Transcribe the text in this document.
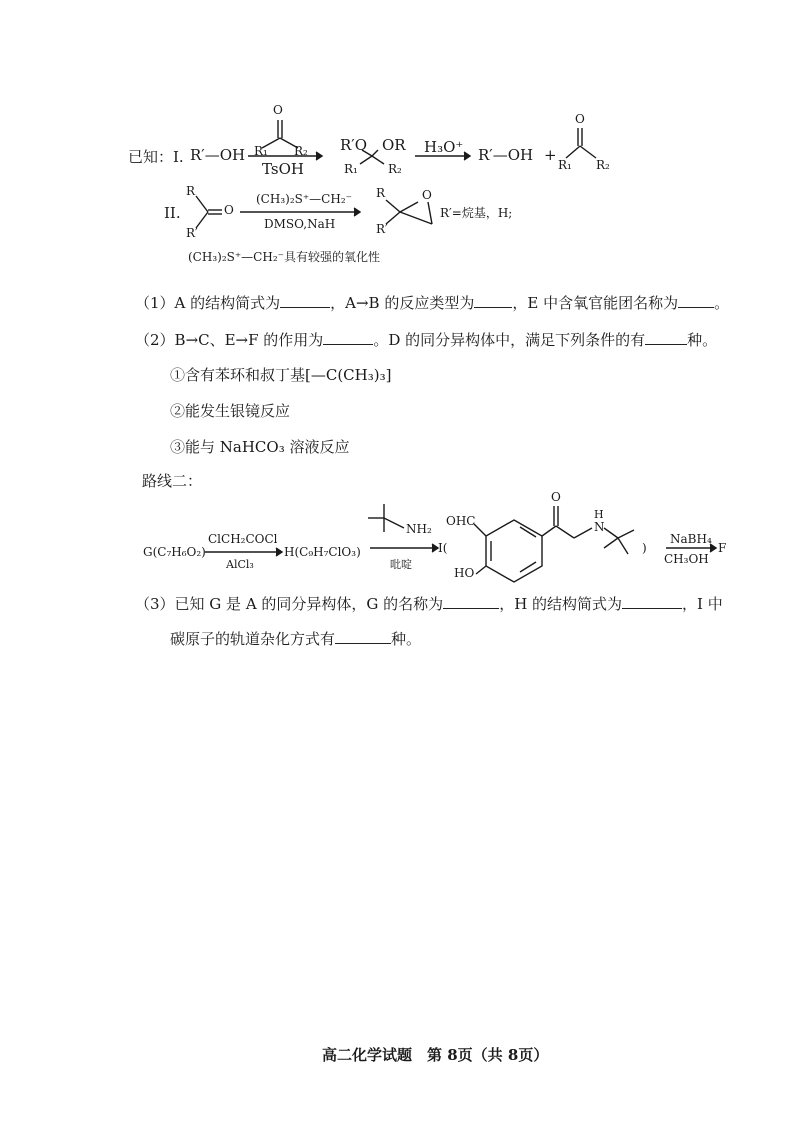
已知：I. R′—OH
O
R₁ R₂
TsOH
R′O OR
R₁	R₂
H₃O⁺ R′—OH +
O
R₁ R₂
II.
R
R′
O
(CH₃)₂S⁺—CH₂⁻
DMSO,NaH
R
R′
O
R′=烷基，H;
(CH₃)₂S⁺—CH₂⁻具有较强的氧化性
（1）A 的结构简式为	，A→B 的反应类型为	，E 中含氧官能团名称为 。
（2）B→C、E→F 的作用为	。D 的同分异构体中，满足下列条件的有	种。
①含有苯环和叔丁基[—C(CH₃)₃]
②能发生银镜反应
③能与 NaHCO₃ 溶液反应
路线二：
G(C₇H₆O₂)
ClCH₂COCl
AlCl₃
H(C₉H₇ClO₃)
NH₂
吡啶
I(
OHC
HO
O
N
H
)
NaBH₄
CH₃OH
F
（3）已知 G 是 A 的同分异构体，G 的名称为	，H 的结构简式为	，I 中
碳原子的轨道杂化方式有	种。
高二化学试题　第 8页（共 8页）
